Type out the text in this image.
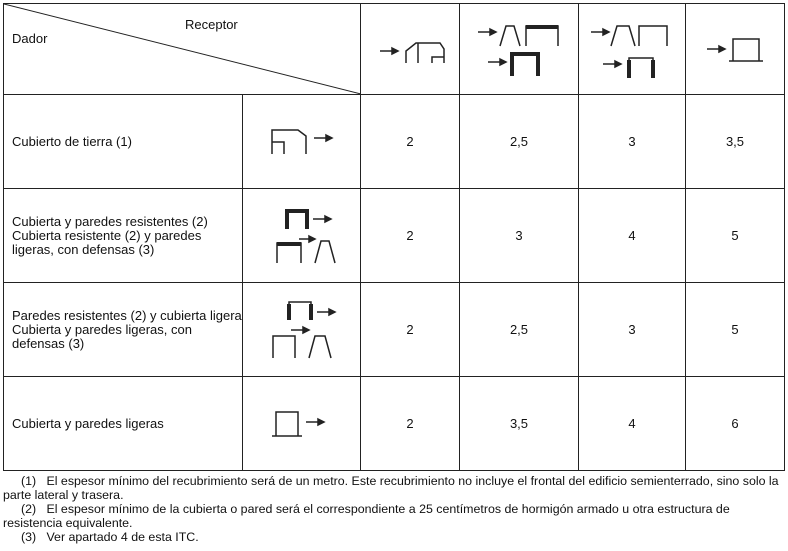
Receptor
Dador

Cubierto de tierra (1)		2	2,5	3	3,5
Cubierta y paredes resistentes (2)
Cubierta resistente (2) y paredes ligeras, con defensas (3)		2	3	4	5
Paredes resistentes (2) y cubierta ligera
Cubierta y paredes ligeras, con defensas (3)		2	2,5	3	5
Cubierta y paredes ligeras		2	3,5	4	6

(1)   El espesor mínimo del recubrimiento será de un metro. Este recubrimiento no incluye el frontal del edificio semienterrado, sino solo la parte lateral y trasera.

(2)   El espesor mínimo de la cubierta o pared será el correspondiente a 25 centímetros de hormigón armado u otra estructura de resistencia equivalente.

(3)   Ver apartado 4 de esta ITC.
